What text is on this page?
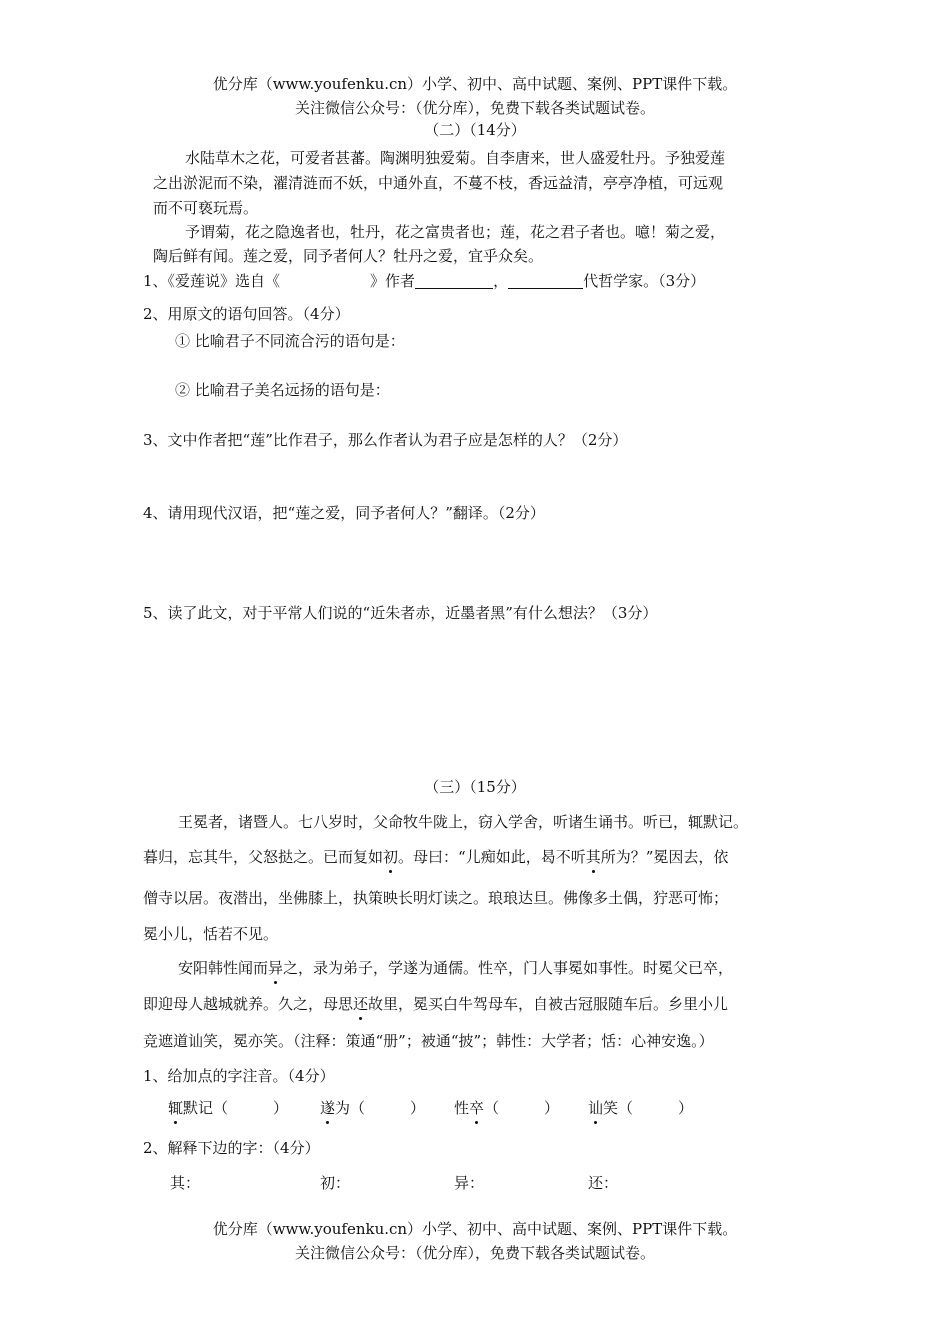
优分库（www.youfenku.cn）小学、初中、高中试题、案例、PPT课件下载。
关注微信公众号：（优分库），免费下载各类试题试卷。
（二）（14分）
水陆草木之花，可爱者甚蕃。陶渊明独爱菊。自李唐来，世人盛爱牡丹。予独爱莲
之出淤泥而不染，濯清涟而不妖，中通外直，不蔓不枝，香远益清，亭亭净植，可远观
而不可亵玩焉。
予谓菊，花之隐逸者也，牡丹，花之富贵者也；莲，花之君子者也。噫！菊之爱，
陶后鲜有闻。莲之爱，同予者何人？牡丹之爱，宜乎众矣。
1、《爱莲说》选自《	》作者	，	代哲学家。（3分）
2、用原文的语句回答。（4分）
① 比喻君子不同流合污的语句是：
② 比喻君子美名远扬的语句是：
3、文中作者把“莲”比作君子，那么作者认为君子应是怎样的人？（2分）
4、请用现代汉语，把“莲之爱，同予者何人？”翻译。（2分）
5、读了此文，对于平常人们说的“近朱者赤，近墨者黑”有什么想法？（3分）
（三）（15分）
王冕者，诸暨人。七八岁时，父命牧牛陇上，窃入学舍，听诸生诵书。听已，辄默记。
暮归，忘其牛，父怒挞之。已而复如初。母曰：“儿痴如此，曷不听其所为？”冕因去，依
僧寺以居。夜潜出，坐佛膝上，执策映长明灯读之。琅琅达旦。佛像多土偶，狞恶可怖；
冕小儿，恬若不见。
安阳韩性闻而异之，录为弟子，学遂为通儒。性卒，门人事冕如事性。时冕父已卒，
即迎母人越城就养。久之，母思还故里，冕买白牛驾母车，自被古冠服随车后。乡里小儿
竞遮道讪笑，冕亦笑。（注释：策通“册”；被通“披”；韩性：大学者；恬：心神安逸。）
1、给加点的字注音。（4分）
辄默记（　　　） 遂为（　　　） 性卒（　　　） 讪笑（　　　）
2、解释下边的字：（4分）
其：	初：	异：	还：
优分库（www.youfenku.cn）小学、初中、高中试题、案例、PPT课件下载。
关注微信公众号：（优分库），免费下载各类试题试卷。
